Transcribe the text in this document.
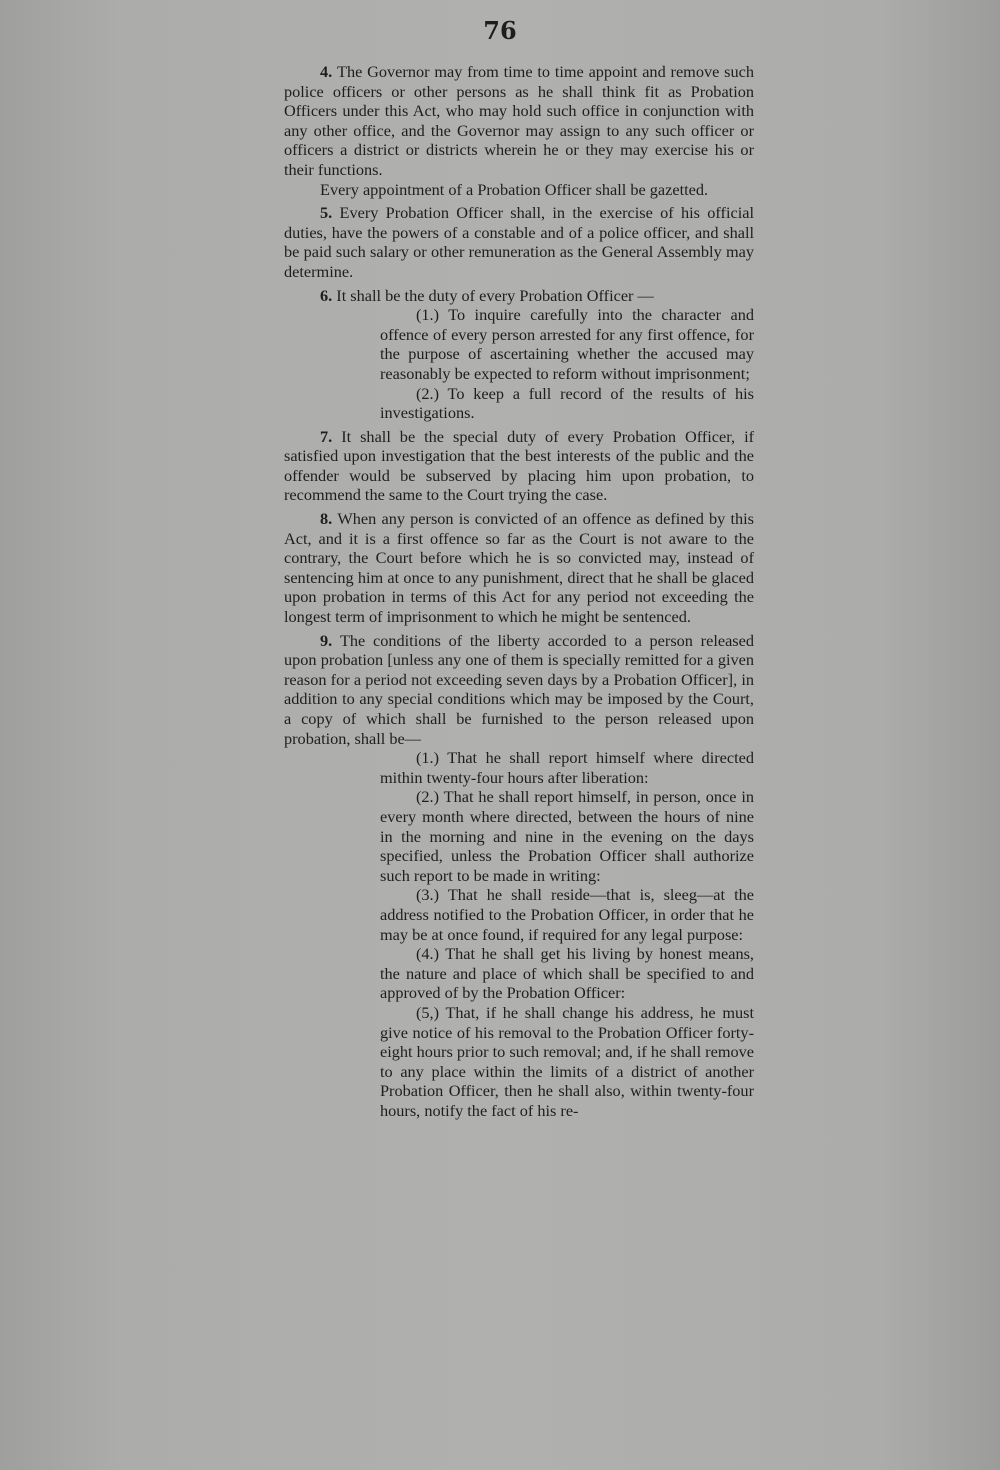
76

4. The Governor may from time to time appoint and remove such police officers or other persons as he shall think fit as Probation Officers under this Act, who may hold such office in conjunction with any other office, and the Governor may assign to any such officer or officers a district or districts wherein he or they may exercise his or their functions.

Every appointment of a Probation Officer shall be gazetted.

5. Every Probation Officer shall, in the exercise of his official duties, have the powers of a constable and of a police officer, and shall be paid such salary or other remuneration as the General Assembly may determine.

6. It shall be the duty of every Probation Officer —

(1.) To inquire carefully into the character and offence of every person arrested for any first offence, for the purpose of ascertaining whether the accused may reasonably be expected to reform without imprisonment;

(2.) To keep a full record of the results of his investigations.

7. It shall be the special duty of every Probation Officer, if satisfied upon investigation that the best interests of the public and the offender would be subserved by placing him upon probation, to recommend the same to the Court trying the case.

8. When any person is convicted of an offence as defined by this Act, and it is a first offence so far as the Court is not aware to the contrary, the Court before which he is so convicted may, instead of sentencing him at once to any punishment, direct that he shall be glaced upon probation in terms of this Act for any period not exceeding the longest term of imprisonment to which he might be sentenced.

9. The conditions of the liberty accorded to a person released upon probation [unless any one of them is specially remitted for a given reason for a period not exceeding seven days by a Probation Officer], in addition to any special conditions which may be imposed by the Court, a copy of which shall be furnished to the person released upon probation, shall be—

(1.) That he shall report himself where directed mithin twenty-four hours after liberation:

(2.) That he shall report himself, in person, once in every month where directed, between the hours of nine in the morning and nine in the evening on the days specified, unless the Probation Officer shall authorize such report to be made in writing:

(3.) That he shall reside—that is, sleeg—at the address notified to the Probation Officer, in order that he may be at once found, if required for any legal purpose:

(4.) That he shall get his living by honest means, the nature and place of which shall be specified to and approved of by the Probation Officer:

(5,) That, if he shall change his address, he must give notice of his removal to the Probation Officer forty-eight hours prior to such removal; and, if he shall remove to any place within the limits of a district of another Probation Officer, then he shall also, within twenty-four hours, notify the fact of his re-
